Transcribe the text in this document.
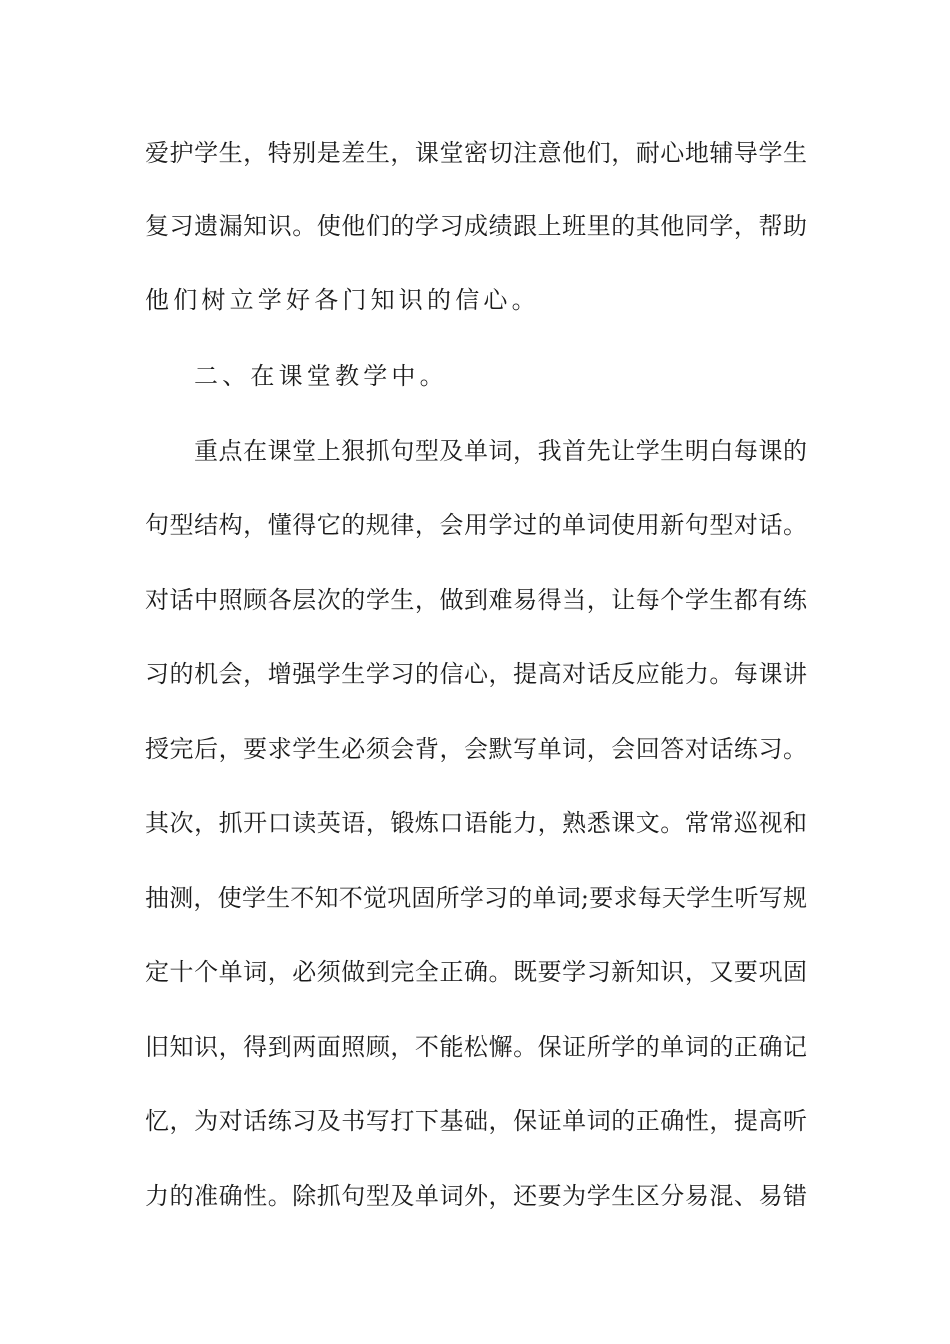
爱护学生，特别是差生，课堂密切注意他们，耐心地辅导学生
复习遗漏知识。使他们的学习成绩跟上班里的其他同学，帮助
他们树立学好各门知识的信心。
二、在课堂教学中。
重点在课堂上狠抓句型及单词，我首先让学生明白每课的
句型结构，懂得它的规律，会用学过的单词使用新句型对话。
对话中照顾各层次的学生，做到难易得当，让每个学生都有练
习的机会，增强学生学习的信心，提高对话反应能力。每课讲
授完后，要求学生必须会背，会默写单词，会回答对话练习。
其次，抓开口读英语，锻炼口语能力，熟悉课文。常常巡视和
抽测，使学生不知不觉巩固所学习的单词;要求每天学生听写规
定十个单词，必须做到完全正确。既要学习新知识，又要巩固
旧知识，得到两面照顾，不能松懈。保证所学的单词的正确记
忆，为对话练习及书写打下基础，保证单词的正确性，提高听
力的准确性。除抓句型及单词外，还要为学生区分易混、易错
